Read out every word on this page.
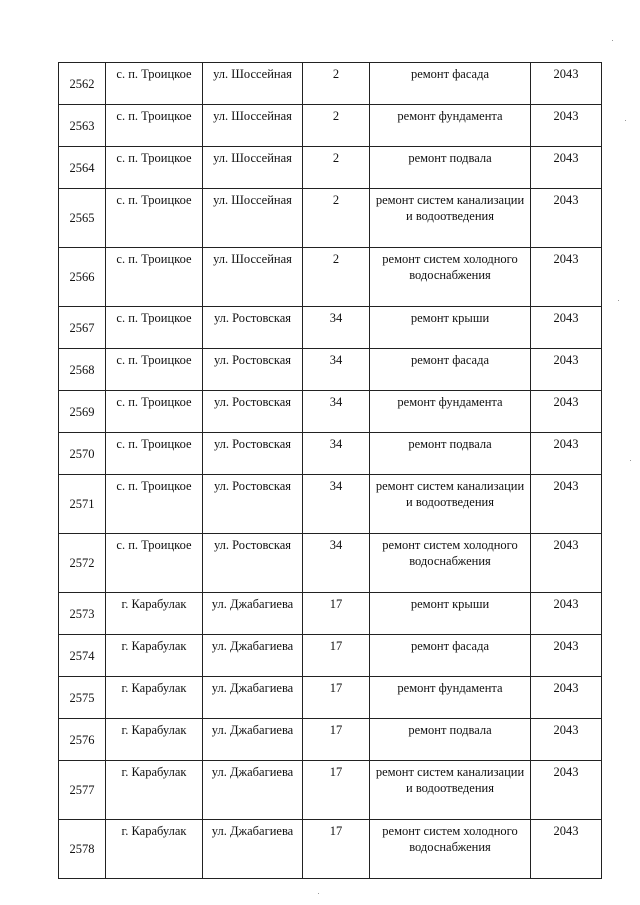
2562	с. п. Троицкое	ул. Шоссейная	2	ремонт фасада	2043
2563	с. п. Троицкое	ул. Шоссейная	2	ремонт фундамента	2043
2564	с. п. Троицкое	ул. Шоссейная	2	ремонт подвала	2043
2565	с. п. Троицкое	ул. Шоссейная	2	ремонт систем канализации и водоотведения	2043
2566	с. п. Троицкое	ул. Шоссейная	2	ремонт систем холодного водоснабжения	2043
2567	с. п. Троицкое	ул. Ростовская	34	ремонт крыши	2043
2568	с. п. Троицкое	ул. Ростовская	34	ремонт фасада	2043
2569	с. п. Троицкое	ул. Ростовская	34	ремонт фундамента	2043
2570	с. п. Троицкое	ул. Ростовская	34	ремонт подвала	2043
2571	с. п. Троицкое	ул. Ростовская	34	ремонт систем канализации и водоотведения	2043
2572	с. п. Троицкое	ул. Ростовская	34	ремонт систем холодного водоснабжения	2043
2573	г. Карабулак	ул. Джабагиева	17	ремонт крыши	2043
2574	г. Карабулак	ул. Джабагиева	17	ремонт фасада	2043
2575	г. Карабулак	ул. Джабагиева	17	ремонт фундамента	2043
2576	г. Карабулак	ул. Джабагиева	17	ремонт подвала	2043
2577	г. Карабулак	ул. Джабагиева	17	ремонт систем канализации и водоотведения	2043
2578	г. Карабулак	ул. Джабагиева	17	ремонт систем холодного водоснабжения	2043
